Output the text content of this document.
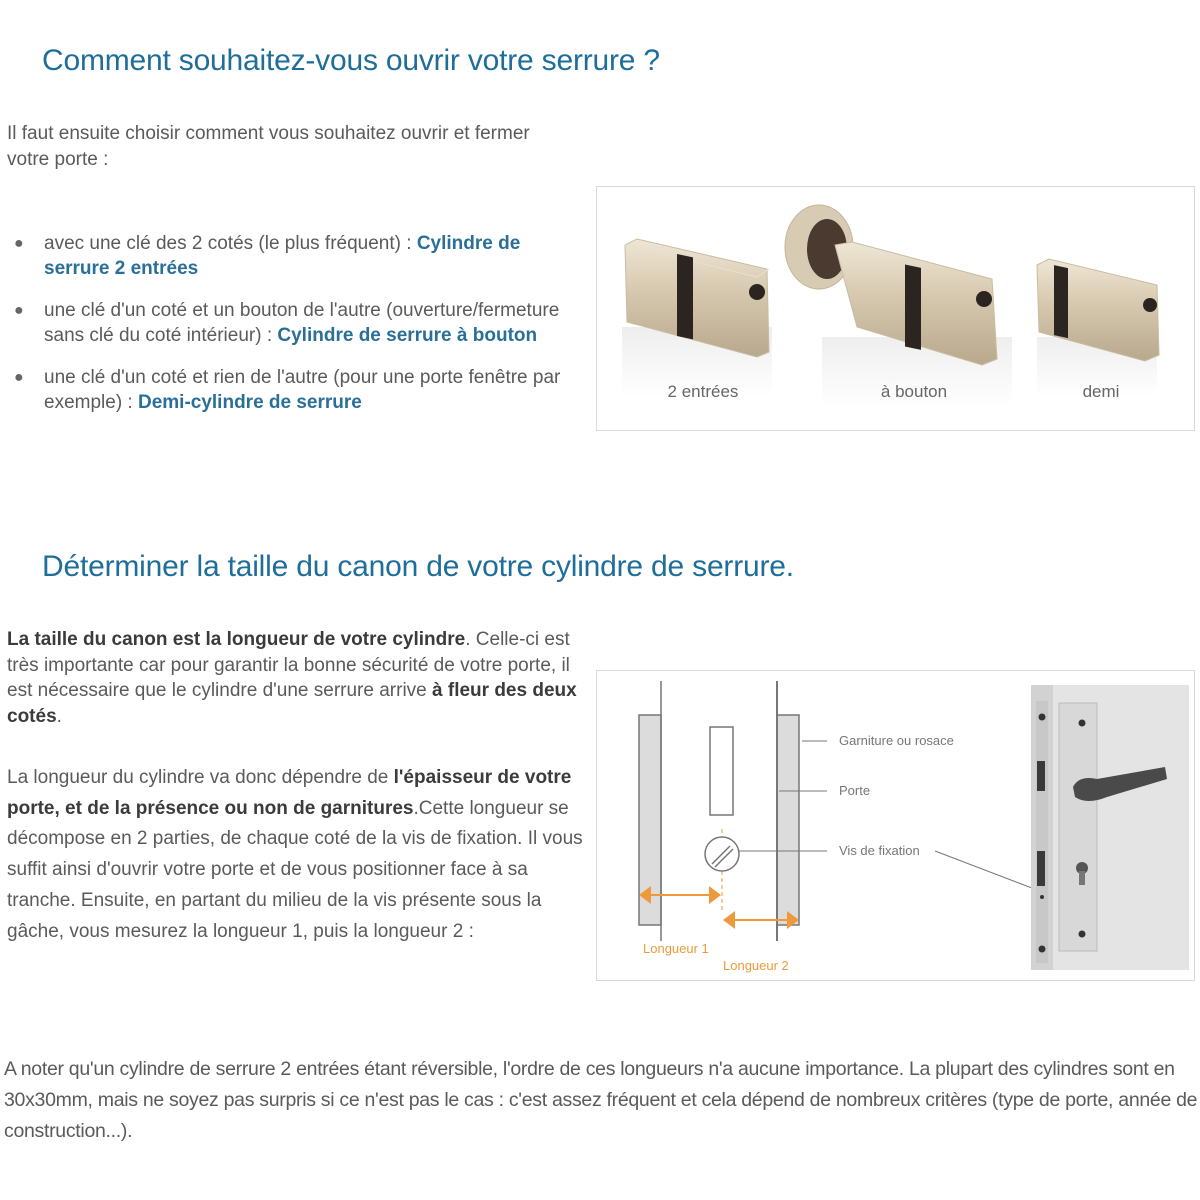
Comment souhaitez-vous ouvrir votre serrure ?

Il faut ensuite choisir comment vous souhaitez ouvrir et fermer votre porte :

● avec une clé des 2 cotés (le plus fréquent) : Cylindre de serrure 2 entrées
● une clé d'un coté et un bouton de l'autre (ouverture/fermeture sans clé du coté intérieur) : Cylindre de serrure à bouton
● une clé d'un coté et rien de l'autre (pour une porte fenêtre par exemple) : Demi-cylindre de serrure
2 entrées	à bouton	demi
Déterminer la taille du canon de votre cylindre de serrure.

La taille du canon est la longueur de votre cylindre. Celle-ci est très importante car pour garantir la bonne sécurité de votre porte, il est nécessaire que le cylindre d'une serrure arrive à fleur des deux cotés.

La longueur du cylindre va donc dépendre de l'épaisseur de votre porte, et de la présence ou non de garnitures.Cette longueur se décompose en 2 parties, de chaque coté de la vis de fixation. Il vous suffit ainsi d'ouvrir votre porte et de vous positionner face à sa tranche. Ensuite, en partant du milieu de la vis présente sous la gâche, vous mesurez la longueur 1, puis la longueur 2 :

Garniture ou rosace
Porte
Vis de fixation
Longueur 1
Longueur 2

A noter qu'un cylindre de serrure 2 entrées étant réversible, l'ordre de ces longueurs n'a aucune importance. La plupart des cylindres sont en 30x30mm, mais ne soyez pas surpris si ce n'est pas le cas : c'est assez fréquent et cela dépend de nombreux critères (type de porte, année de construction...).
